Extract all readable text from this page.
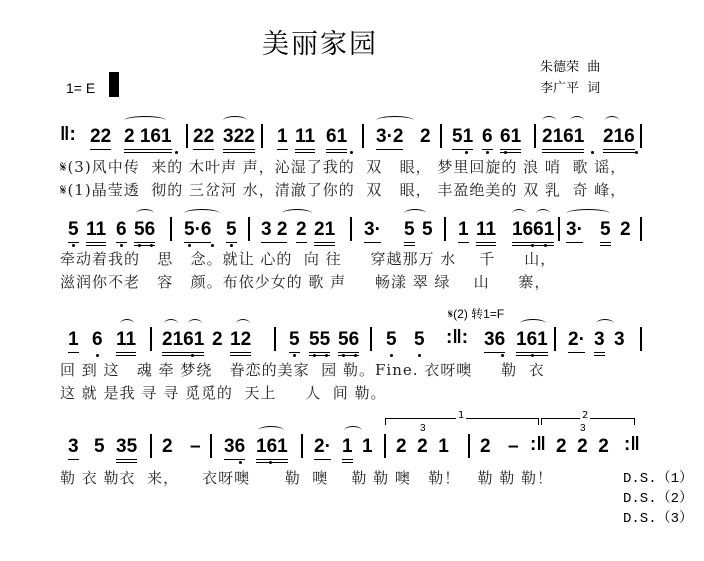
美丽家园
朱德荣  曲
李广平  词
1= E
‖: 22 2 161 22 322 1 11 61 3·2 2 51 6 61 2161 216
𝄋(3)风中传  来的 木叶声 声，沁湿了我的  双   眼， 梦里回旋的 浪 哨  歌 谣，
𝄋(1)晶莹透  彻的 三岔河 水，清澈了你的  双   眼， 丰盈绝美的 双 乳  奇 峰，
5 11 6 56 5·6 5 3 2 2 21 3· 5 5 1 11 1661 3· 5 2
牵动着我的   思   念。就让 心的  向 往     穿越那万 水    千     山，
滋润你不老   容   颜。布依少女的 歌 声     畅漾 翠 绿    山     寨，
𝄋(2) 转1=F
1 6 11 2161 2 12 5 55 56 5 5 :‖: 36 161 2· 3 3
回 到 这   魂 牵 梦绕   眷恋的美家  园 勒。Fine. 衣呀噢     勒  衣
这 就 是我 寻 寻 觅觅的  天上     人  间 勒。
1	2
3	3
3 5 35 2 – 36 161 2· 1 1 2  2  1 2 – :‖ 2  2  2 :‖
勒 衣 勒衣  来，    衣呀噢      勒  噢    勒 勒 噢   勒！   勒 勒 勒！	D.S.（1）
D.S.（2）
D.S.（3）
